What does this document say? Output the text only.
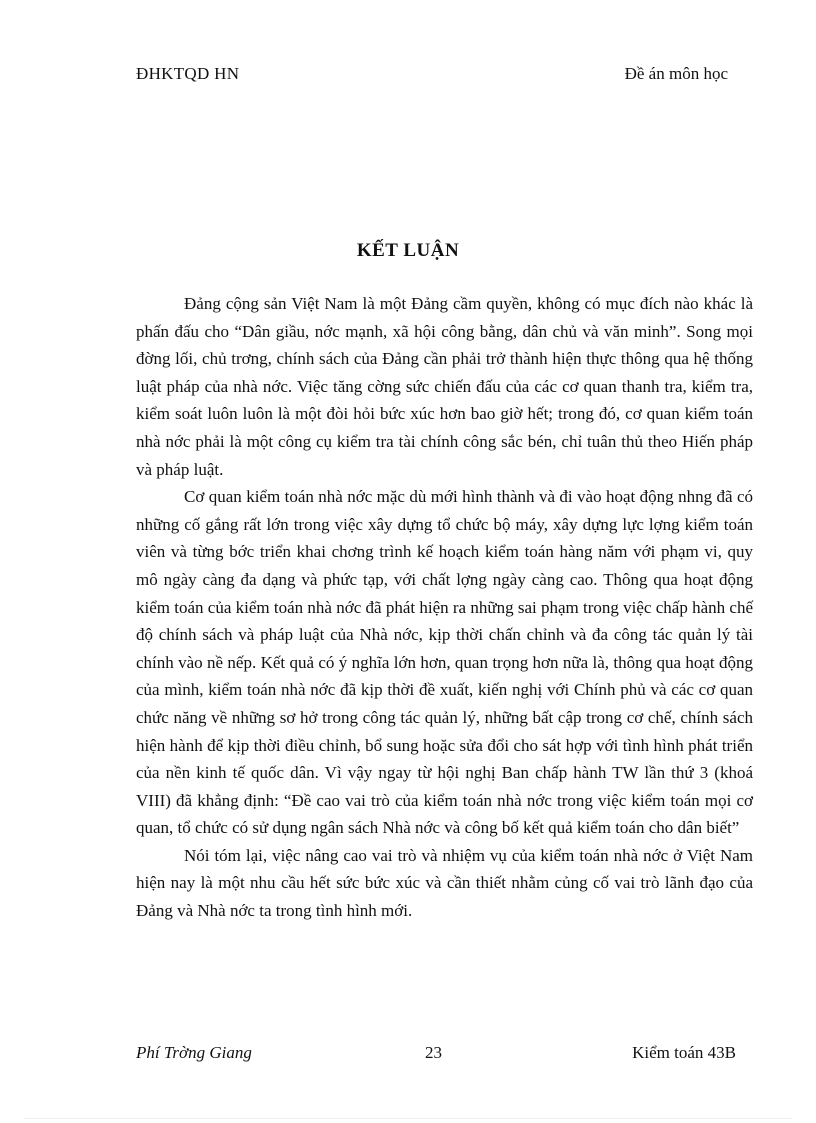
ĐHKTQD HN	Đề án môn học
KẾT LUẬN

Đảng cộng sản Việt Nam là một Đảng cầm quyền, không có mục đích nào khác là phấn đấu cho “Dân giầu, nớc mạnh, xã hội công bằng, dân chủ và văn minh”. Song mọi đờng lối, chủ trơng, chính sách của Đảng cần phải trở thành hiện thực thông qua hệ thống luật pháp của nhà nớc. Việc tăng cờng sức chiến đấu của các cơ quan thanh tra, kiểm tra, kiểm soát luôn luôn là một đòi hỏi bức xúc hơn bao giờ hết; trong đó, cơ quan kiểm toán nhà nớc phải là một công cụ kiểm tra tài chính công sắc bén, chỉ tuân thủ theo Hiến pháp và pháp luật.

Cơ quan kiểm toán nhà nớc mặc dù mới hình thành và đi vào hoạt động nhng đã có những cố gắng rất lớn trong việc xây dựng tổ chức bộ máy, xây dựng lực lợng kiểm toán viên và từng bớc triển khai chơng trình kế hoạch kiểm toán hàng năm với phạm vi, quy mô ngày càng đa dạng và phức tạp, với chất lợng ngày càng cao. Thông qua hoạt động kiểm toán của kiểm toán nhà nớc đã phát hiện ra những sai phạm trong việc chấp hành chế độ chính sách và pháp luật của Nhà nớc, kịp thời chấn chỉnh và đa công tác quản lý tài chính vào nề nếp. Kết quả có ý nghĩa lớn hơn, quan trọng hơn nữa là, thông qua hoạt động của mình, kiểm toán nhà nớc đã kịp thời đề xuất, kiến nghị với Chính phủ và các cơ quan chức năng về những sơ hở trong công tác quản lý, những bất cập trong cơ chế, chính sách hiện hành để kịp thời điều chỉnh, bổ sung hoặc sửa đổi cho sát hợp với tình hình phát triển của nền kinh tế quốc dân. Vì vậy ngay từ hội nghị Ban chấp hành TW lần thứ 3 (khoá VIII) đã khẳng định: “Đề cao vai trò của kiểm toán nhà nớc trong việc kiểm toán mọi cơ quan, tổ chức có sử dụng ngân sách Nhà nớc và công bố kết quả kiểm toán cho dân biết”

Nói tóm lại, việc nâng cao vai trò và nhiệm vụ của kiểm toán nhà nớc ở Việt Nam hiện nay là một nhu cầu hết sức bức xúc và cần thiết nhằm củng cố vai trò lãnh đạo của Đảng và Nhà nớc ta trong tình hình mới.

Phí Trờng Giang	23	Kiểm toán 43B
